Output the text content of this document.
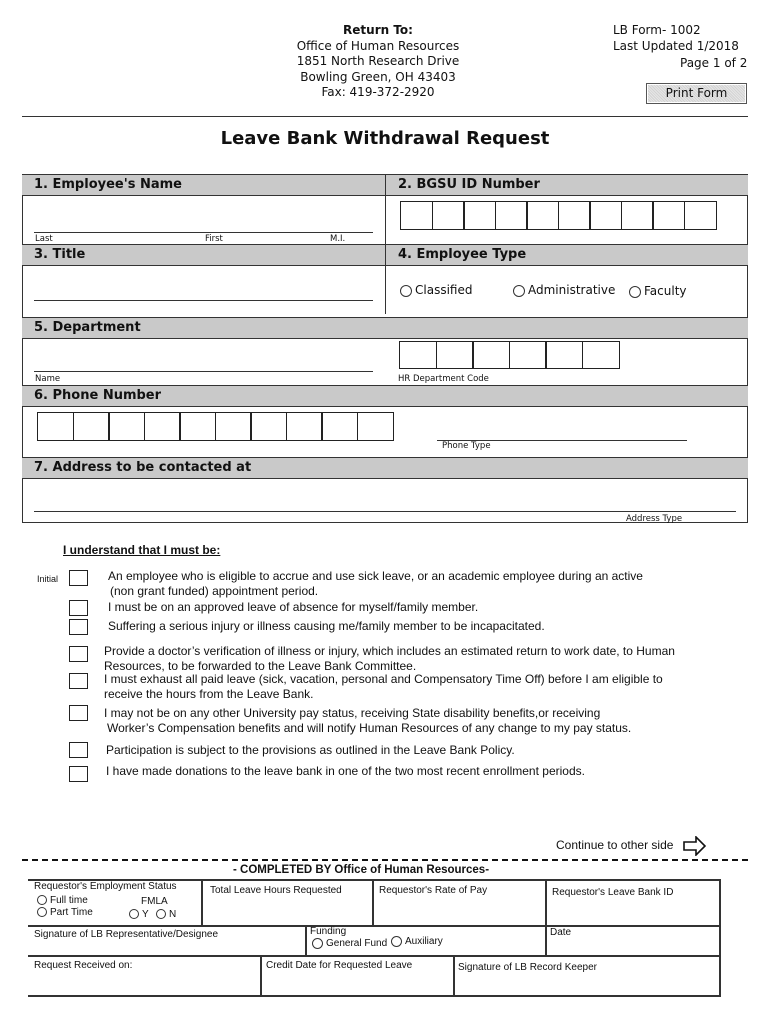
Return To:
Office of Human Resources
1851 North Research Drive
Bowling Green, OH 43403
Fax: 419-372-2920
LB Form- 1002
Last Updated 1/2018
Page 1 of 2
Print Form
Leave Bank Withdrawal Request
1. Employee's Name	2. BGSU ID Number
Last	First	M.I.
3. Title	4. Employee Type
Classified	Administrative	Faculty
5. Department
Name	HR Department Code
6. Phone Number
Phone Type
7. Address to be contacted at
Address Type
I understand that I must be:
Initial	An employee who is eligible to accrue and use sick leave, or an academic employee during an active
(non grant funded) appointment period.
I must be on an approved leave of absence for myself/family member.
Suffering a serious injury or illness causing me/family member to be incapacitated.
Provide a doctor’s verification of illness or injury, which includes an estimated return to work date, to Human
Resources, to be forwarded to the Leave Bank Committee.
I must exhaust all paid leave (sick, vacation, personal and Compensatory Time Off) before I am eligible to
receive the hours from the Leave Bank.
I may not be on any other University pay status, receiving State disability benefits,or receiving
Worker’s Compensation benefits and will notify Human Resources of any change to my pay status.
Participation is subject to the provisions as outlined in the Leave Bank Policy.
I have made donations to the leave bank in one of the two most recent enrollment periods.
Continue to other side
- COMPLETED BY Office of Human Resources-
Requestor's Employment Status
Full time
Part Time
FMLA
Y	N
Total Leave Hours Requested	Requestor's Rate of Pay	Requestor's Leave Bank ID
Signature of LB Representative/Designee	Funding
General Fund	Auxiliary
Date
Request Received on:	Credit Date for Requested Leave	Signature of LB Record Keeper
